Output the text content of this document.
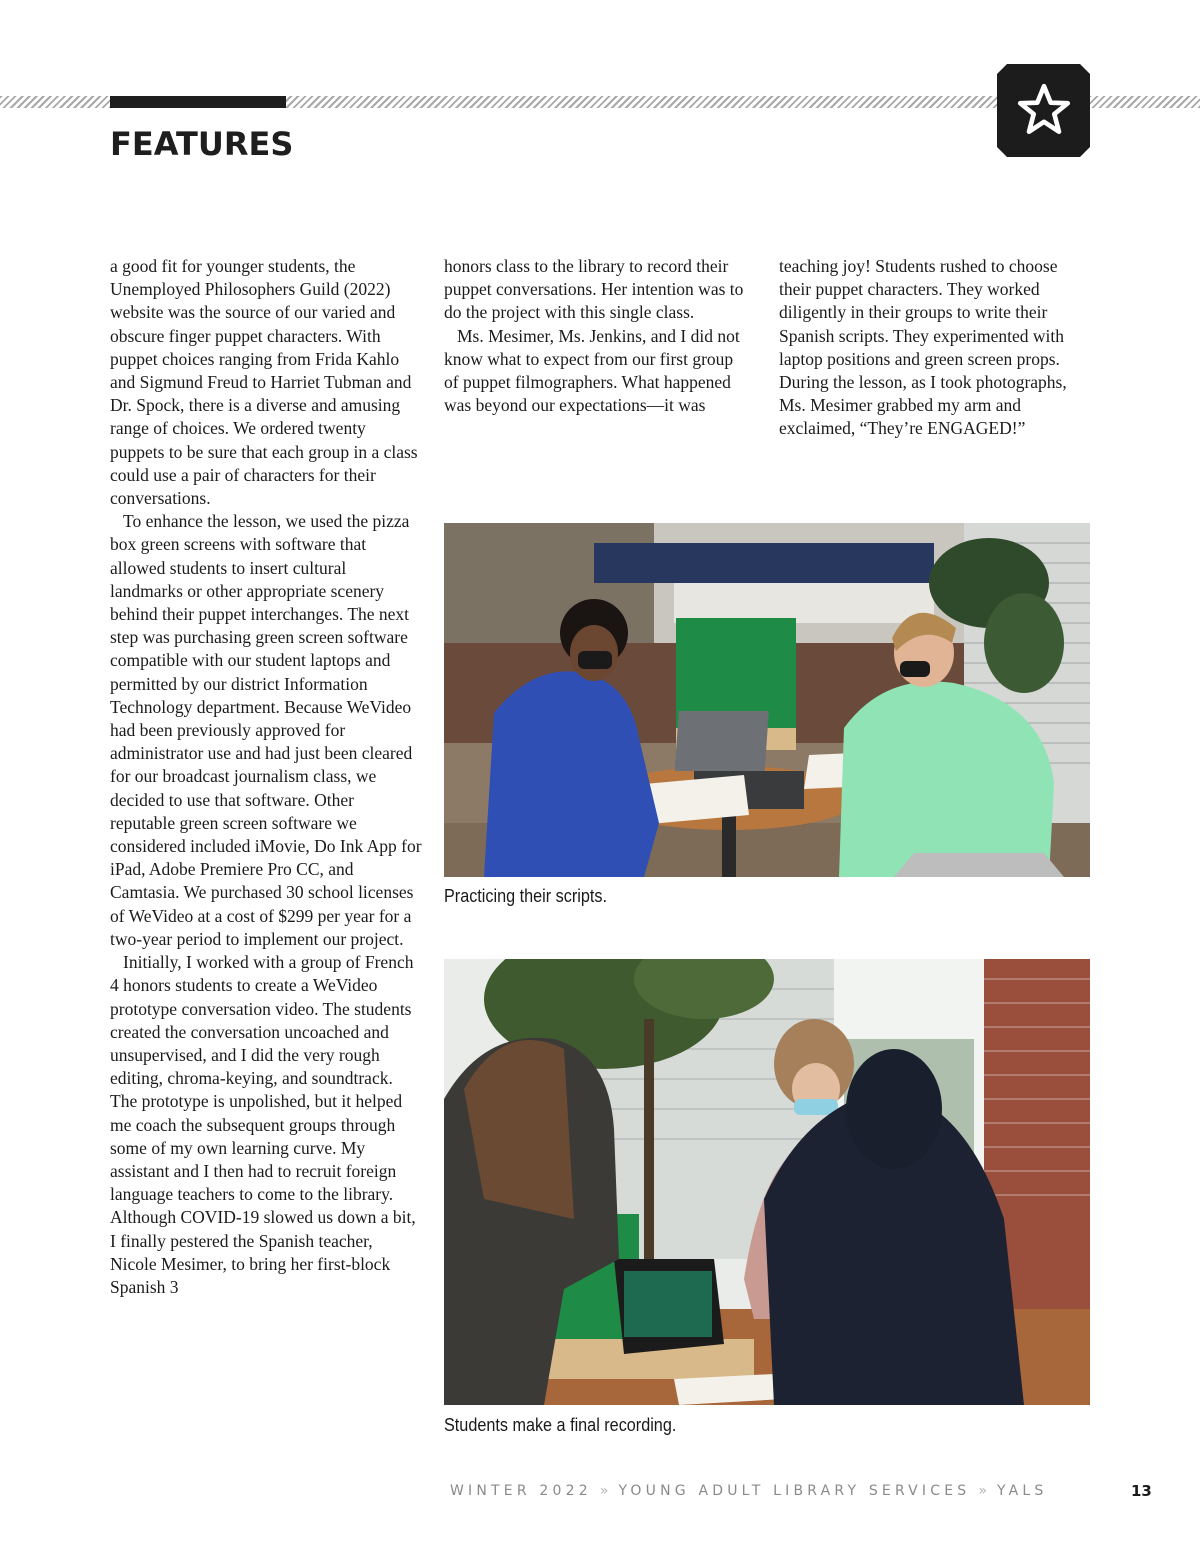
FEATURES

a good fit for younger students, the Unemployed Philosophers Guild (2022) website was the source of our varied and obscure finger puppet characters. With puppet choices ranging from Frida Kahlo and Sigmund Freud to Harriet Tubman and Dr. Spock, there is a diverse and amusing range of choices. We ordered twenty puppets to be sure that each group in a class could use a pair of characters for their conversations.

To enhance the lesson, we used the pizza box green screens with software that allowed students to insert cultural landmarks or other appropriate scenery behind their puppet interchanges. The next step was purchasing green screen software compatible with our student laptops and permitted by our district Information Technology department. Because WeVideo had been previously approved for administrator use and had just been cleared for our broadcast journalism class, we decided to use that software. Other reputable green screen software we considered included iMovie, Do Ink App for iPad, Adobe Premiere Pro CC, and Camtasia. We purchased 30 school licenses of WeVideo at a cost of $299 per year for a two-year period to implement our project.

Initially, I worked with a group of French 4 honors students to create a WeVideo prototype conversation video. The students created the conversation uncoached and unsupervised, and I did the very rough editing, chroma-keying, and soundtrack. The prototype is unpolished, but it helped me coach the subsequent groups through some of my own learning curve. My assistant and I then had to recruit foreign language teachers to come to the library. Although COVID-19 slowed us down a bit, I finally pestered the Spanish teacher, Nicole Mesimer, to bring her first-block Spanish 3

honors class to the library to record their puppet conversations. Her intention was to do the project with this single class.

Ms. Mesimer, Ms. Jenkins, and I did not know what to expect from our first group of puppet filmographers. What happened was beyond our expectations—it was

teaching joy! Students rushed to choose their puppet characters. They worked diligently in their groups to write their Spanish scripts. They experimented with laptop positions and green screen props. During the lesson, as I took photographs, Ms. Mesimer grabbed my arm and exclaimed, “They’re ENGAGED!”

Practicing their scripts.

Students make a final recording.

WINTER 2022 » YOUNG ADULT LIBRARY SERVICES » YALS	13
